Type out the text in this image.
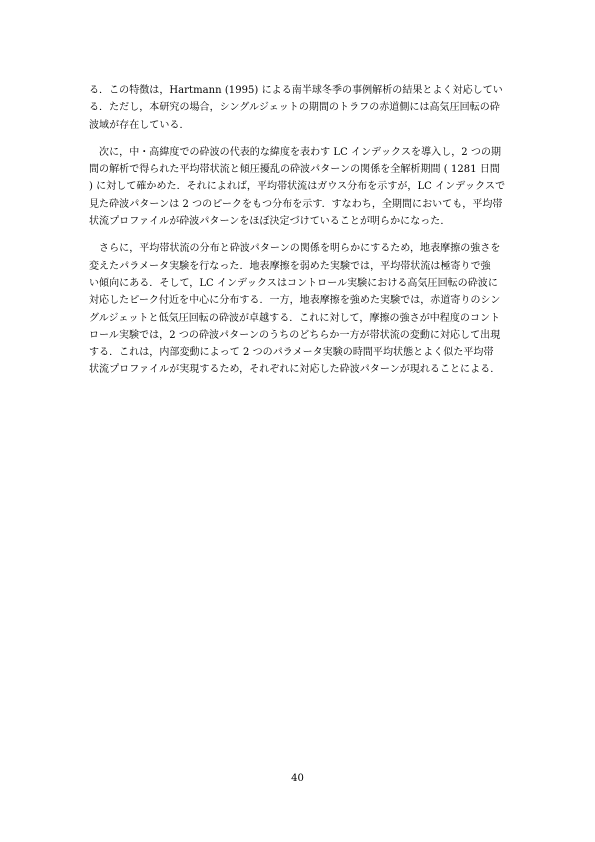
る．この特徴は，Hartmann (1995) による南半球冬季の事例解析の結果とよく対応してい
る．ただし，本研究の場合，シングルジェットの期間のトラフの赤道側には高気圧回転の砕
波域が存在している．

　次に，中・高緯度での砕波の代表的な緯度を表わす LC インデックスを導入し，2 つの期
間の解析で得られた平均帯状流と傾圧擾乱の砕波パターンの関係を全解析期間 ( 1281 日間
) に対して確かめた．それによれば，平均帯状流はガウス分布を示すが，LC インデックスで
見た砕波パターンは 2 つのピークをもつ分布を示す．すなわち，全期間においても，平均帯
状流プロファイルが砕波パターンをほぼ決定づけていることが明らかになった．

　さらに，平均帯状流の分布と砕波パターンの関係を明らかにするため，地表摩擦の強さを
変えたパラメータ実験を行なった．地表摩擦を弱めた実験では，平均帯状流は極寄りで強
い傾向にある．そして，LC インデックスはコントロール実験における高気圧回転の砕波に
対応したピーク付近を中心に分布する．一方，地表摩擦を強めた実験では，赤道寄りのシン
グルジェットと低気圧回転の砕波が卓越する．これに対して，摩擦の強さが中程度のコント
ロール実験では，2 つの砕波パターンのうちのどちらか一方が帯状流の変動に対応して出現
する．これは，内部変動によって 2 つのパラメータ実験の時間平均状態とよく似た平均帯
状流プロファイルが実現するため，それぞれに対応した砕波パターンが現れることによる．

40
